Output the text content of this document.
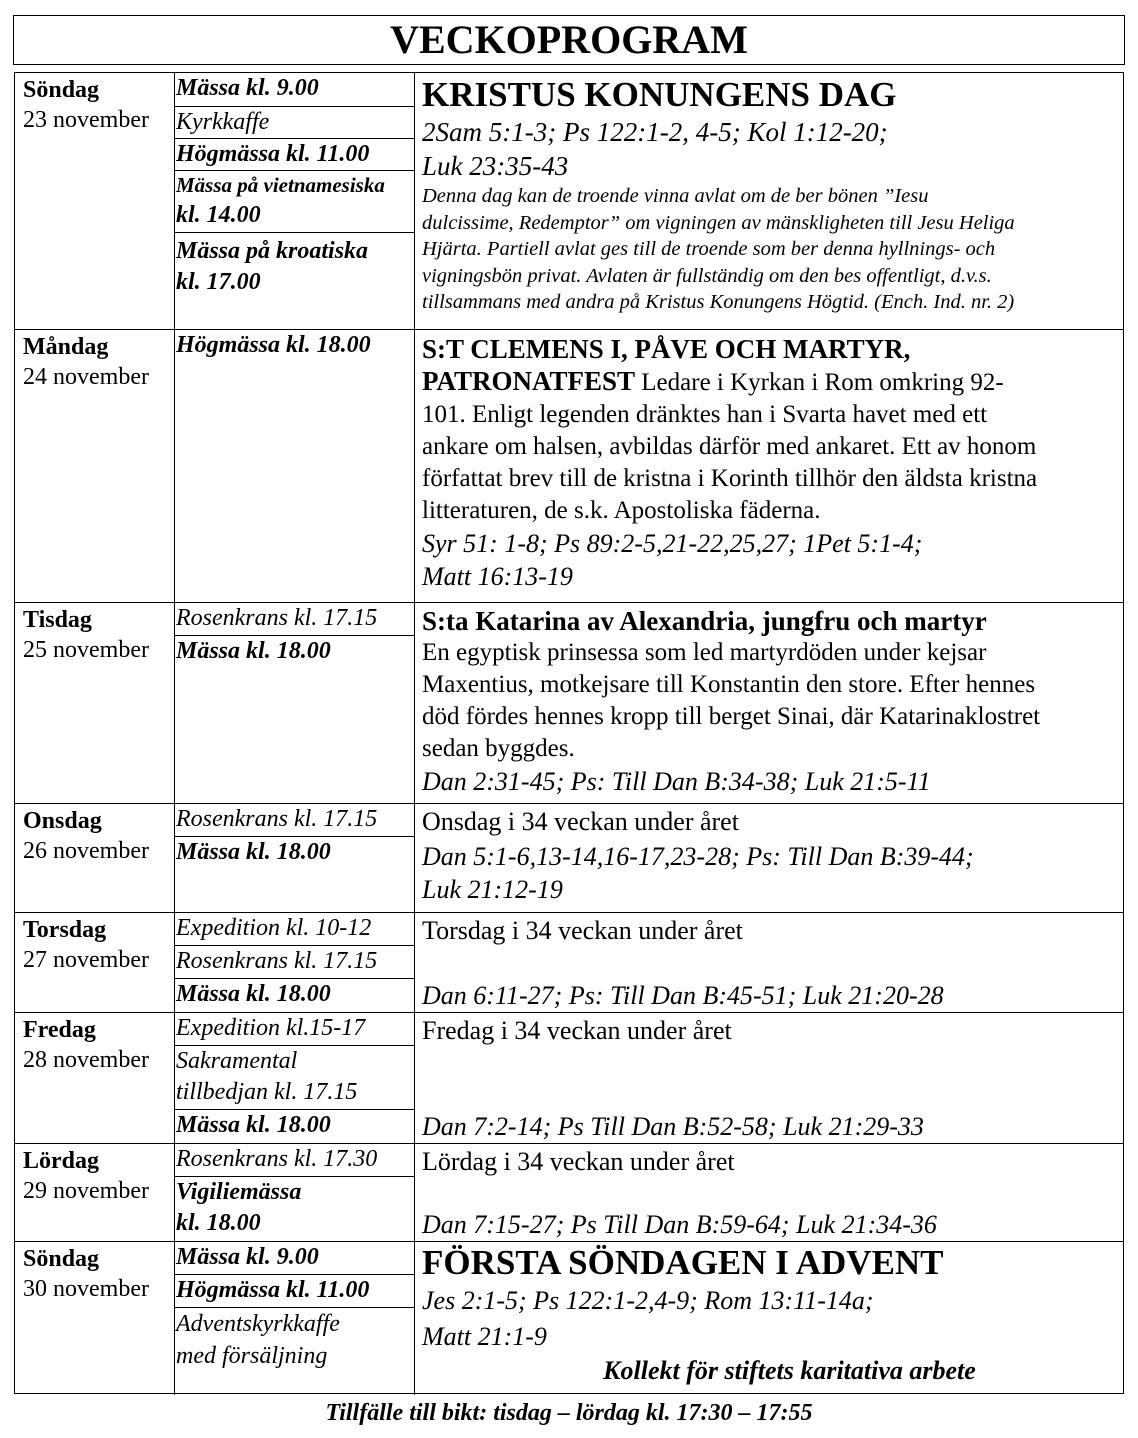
VECKOPROGRAM
Söndag
23 november
Mässa kl. 9.00
Kyrkkaffe
Högmässa kl. 11.00
Mässa på vietnamesiska
kl. 14.00
Mässa på kroatiska
kl. 17.00
KRISTUS KONUNGENS DAG
2Sam 5:1-3; Ps 122:1-2, 4-5; Kol 1:12-20;
Luk 23:35-43
Denna dag kan de troende vinna avlat om de ber bönen ”Iesu
dulcissime, Redemptor” om vigningen av mänskligheten till Jesu Heliga
Hjärta. Partiell avlat ges till de troende som ber denna hyllnings- och
vigningsbön privat. Avlaten är fullständig om den bes offentligt, d.v.s.
tillsammans med andra på Kristus Konungens Högtid. (Ench. Ind. nr. 2)
Måndag
24 november
Högmässa kl. 18.00	S:T CLEMENS I, PÅVE OCH MARTYR,
PATRONATFEST Ledare i Kyrkan i Rom omkring 92-
101. Enligt legenden dränktes han i Svarta havet med ett
ankare om halsen, avbildas därför med ankaret. Ett av honom
författat brev till de kristna i Korinth tillhör den äldsta kristna
litteraturen, de s.k. Apostoliska fäderna.
Syr 51: 1-8; Ps 89:2-5,21-22,25,27; 1Pet 5:1-4;
Matt 16:13-19
Tisdag
25 november
Rosenkrans kl. 17.15
Mässa kl. 18.00
S:ta Katarina av Alexandria, jungfru och martyr
En egyptisk prinsessa som led martyrdöden under kejsar
Maxentius, motkejsare till Konstantin den store. Efter hennes
död fördes hennes kropp till berget Sinai, där Katarinaklostret
sedan byggdes.
Dan 2:31-45; Ps: Till Dan B:34-38; Luk 21:5-11
Onsdag
26 november
Rosenkrans kl. 17.15
Mässa kl. 18.00
Onsdag i 34 veckan under året
Dan 5:1-6,13-14,16-17,23-28; Ps: Till Dan B:39-44;
Luk 21:12-19
Torsdag
27 november
Expedition kl. 10-12
Rosenkrans kl. 17.15
Mässa kl. 18.00
Torsdag i 34 veckan under året
Dan 6:11-27; Ps: Till Dan B:45-51; Luk 21:20-28
Fredag
28 november
Expedition kl.15-17
Sakramental
tillbedjan kl. 17.15
Mässa kl. 18.00
Fredag i 34 veckan under året
Dan 7:2-14; Ps Till Dan B:52-58; Luk 21:29-33
Lördag
29 november
Rosenkrans kl. 17.30
Vigiliemässa
kl. 18.00
Lördag i 34 veckan under året
Dan 7:15-27; Ps Till Dan B:59-64; Luk 21:34-36
Söndag
30 november
Mässa kl. 9.00
Högmässa kl. 11.00
Adventskyrkkaffe
med försäljning
FÖRSTA SÖNDAGEN I ADVENT
Jes 2:1-5; Ps 122:1-2,4-9; Rom 13:11-14a;
Matt 21:1-9
Kollekt för stiftets karitativa arbete
Tillfälle till bikt: tisdag – lördag kl. 17:30 – 17:55
